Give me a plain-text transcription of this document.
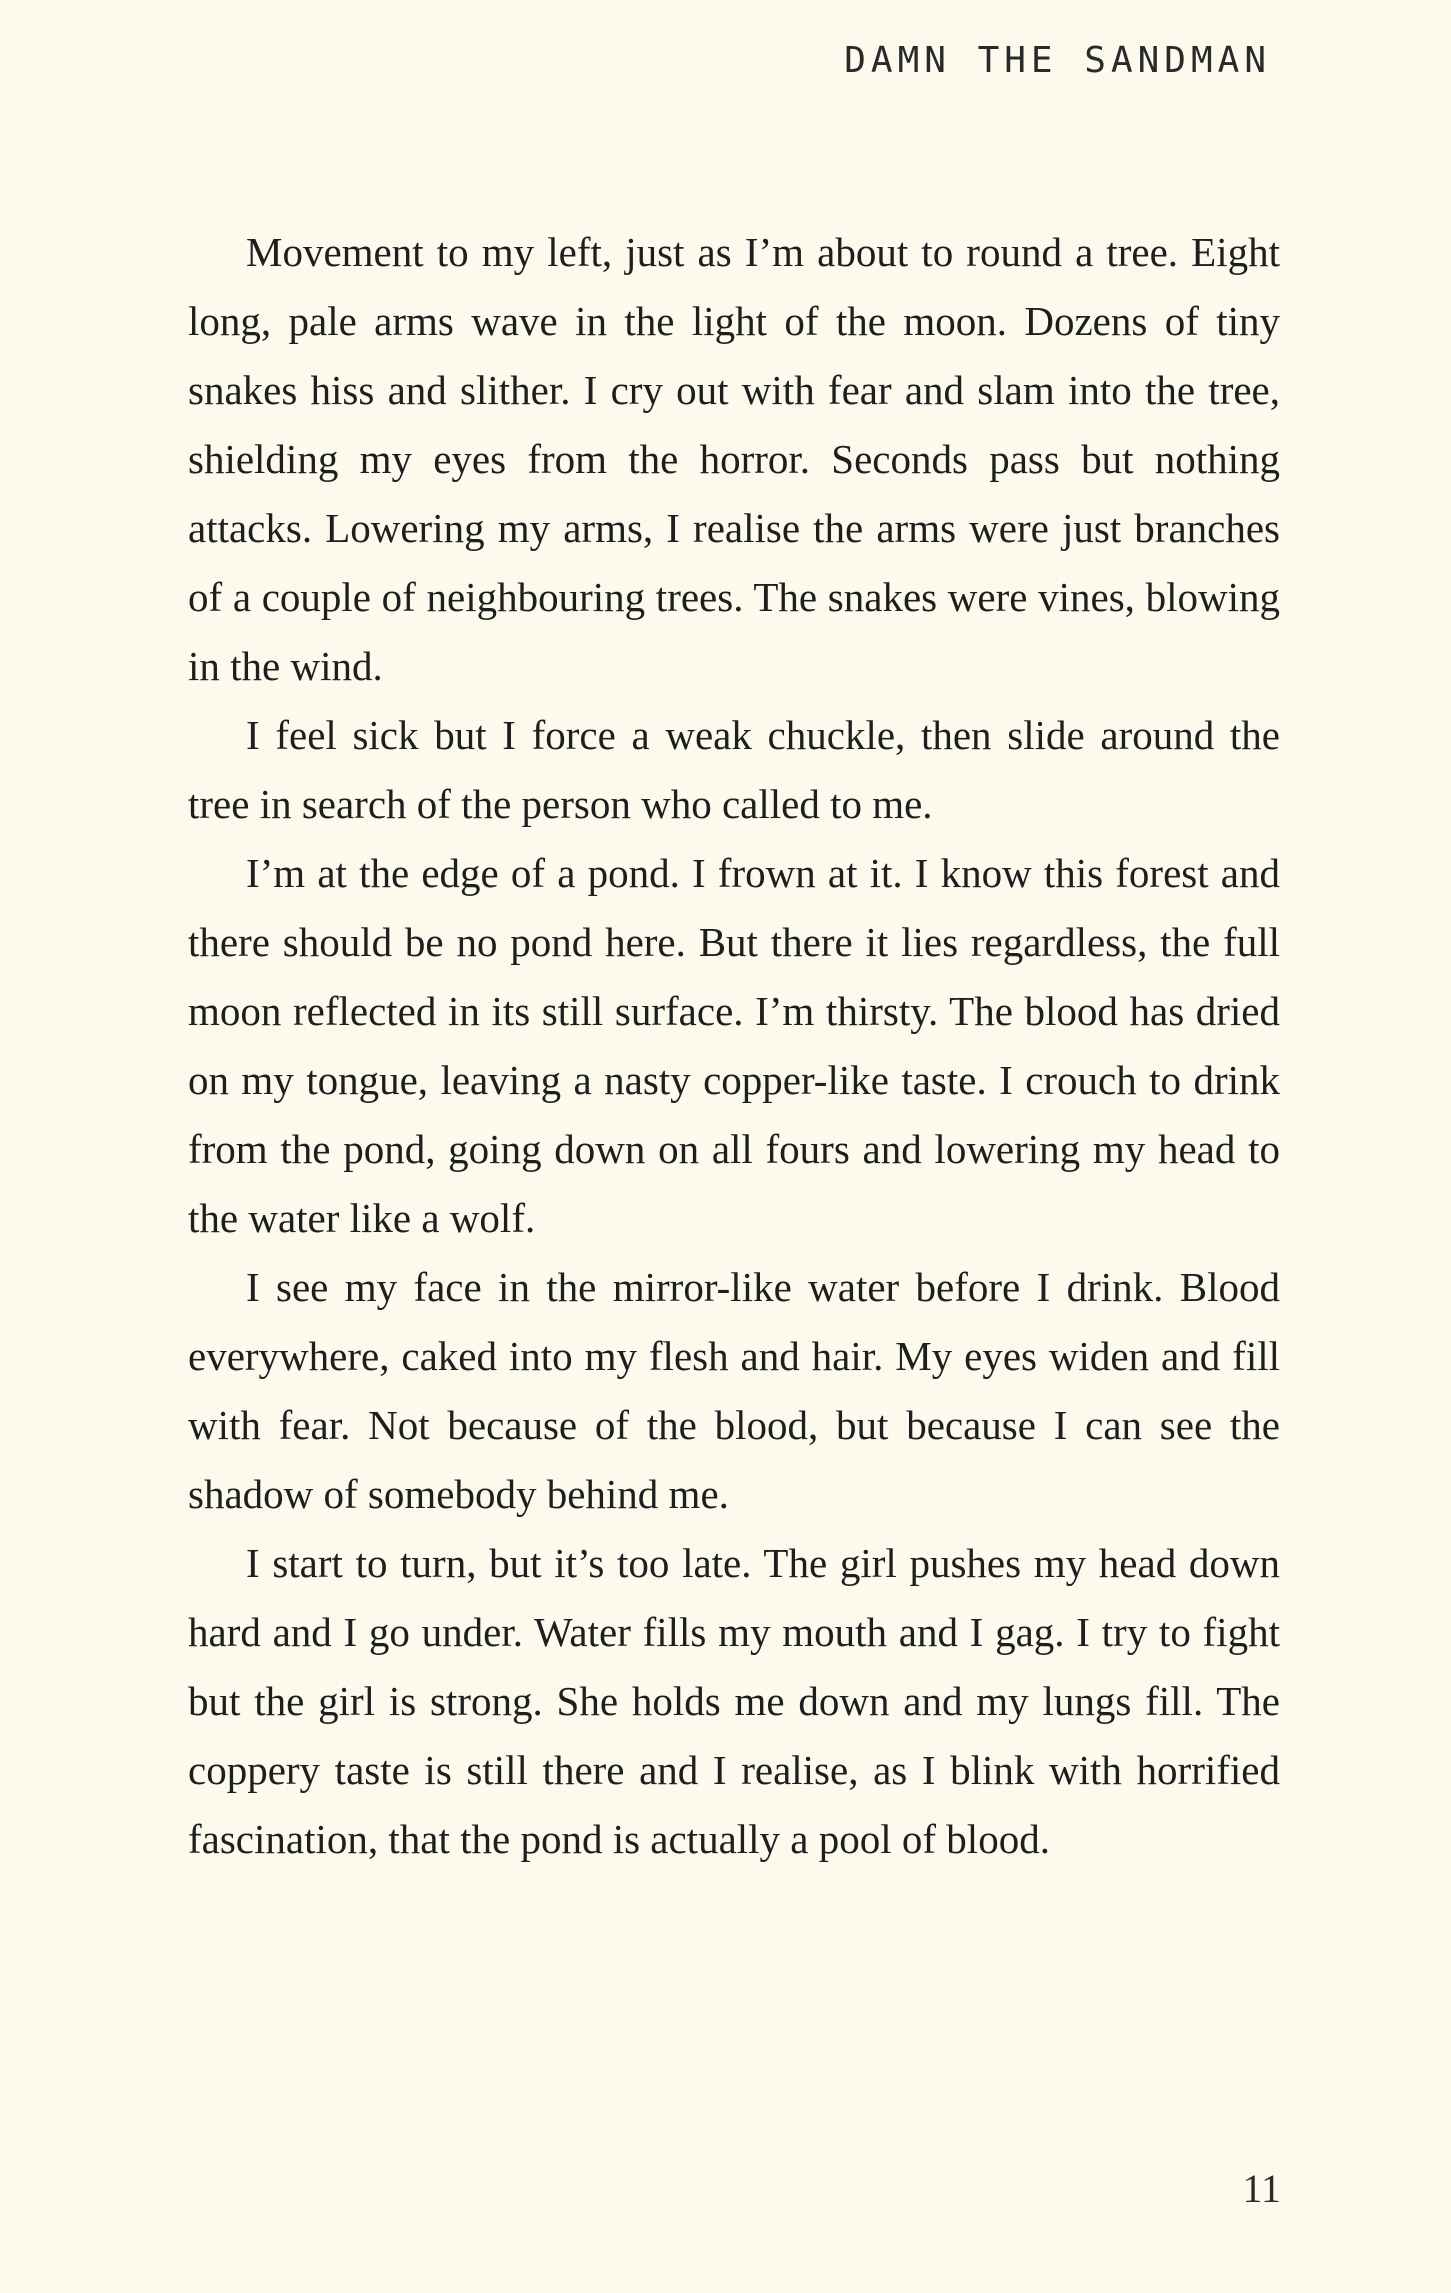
DAMN THE SANDMAN

Movement to my left, just as I’m about to round a tree. Eight long, pale arms wave in the light of the moon. Dozens of tiny snakes hiss and slither. I cry out with fear and slam into the tree, shielding my eyes from the horror. Seconds pass but nothing attacks. Lowering my arms, I realise the arms were just branches of a couple of neighbouring trees. The snakes were vines, blowing in the wind.

I feel sick but I force a weak chuckle, then slide around the tree in search of the person who called to me.

I’m at the edge of a pond. I frown at it. I know this forest and there should be no pond here. But there it lies regardless, the full moon reflected in its still surface. I’m thirsty. The blood has dried on my tongue, leaving a nasty copper-like taste. I crouch to drink from the pond, going down on all fours and lowering my head to the water like a wolf.

I see my face in the mirror-like water before I drink. Blood everywhere, caked into my flesh and hair. My eyes widen and fill with fear. Not because of the blood, but because I can see the shadow of somebody behind me.

I start to turn, but it’s too late. The girl pushes my head down hard and I go under. Water fills my mouth and I gag. I try to fight but the girl is strong. She holds me down and my lungs fill. The coppery taste is still there and I realise, as I blink with horrified fascination, that the pond is actually a pool of blood.

11
